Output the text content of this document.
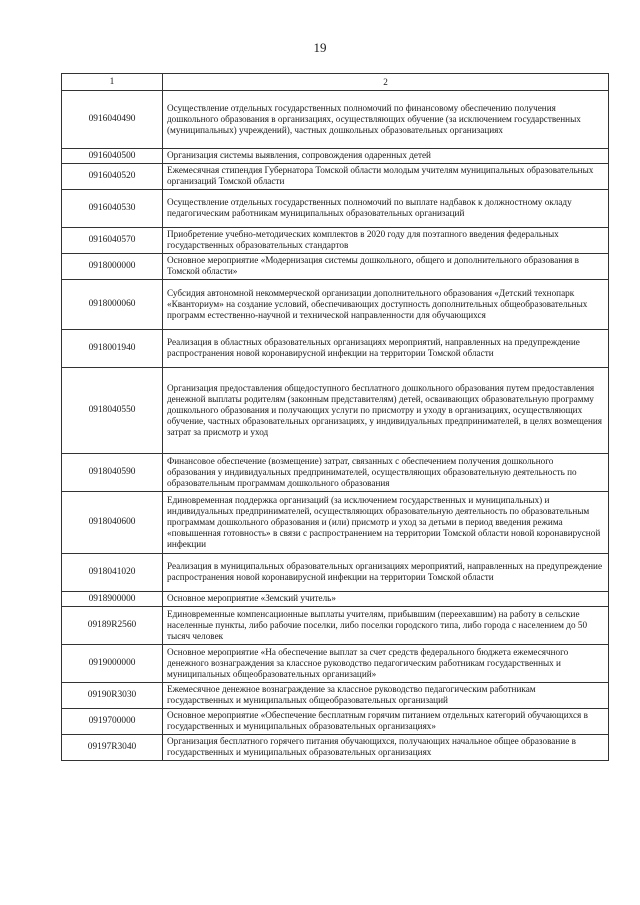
19
1	2
0916040490	Осуществление отдельных государственных полномочий по финансовому обеспечению получения дошкольного образования в организациях, осуществляющих обучение (за исключением государственных (муниципальных) учреждений), частных дошкольных образовательных организациях
0916040500	Организация системы выявления, сопровождения одаренных детей
0916040520	Ежемесячная стипендия Губернатора Томской области молодым учителям муниципальных образовательных организаций Томской области
0916040530	Осуществление отдельных государственных полномочий по выплате надбавок к должностному окладу педагогическим работникам муниципальных образовательных организаций
0916040570	Приобретение учебно-методических комплектов в 2020 году для поэтапного введения федеральных государственных образовательных стандартов
0918000000	Основное мероприятие «Модернизация системы дошкольного, общего и дополнительного образования в Томской области»
0918000060	Субсидия автономной некоммерческой организации дополнительного образования «Детский технопарк «Кванториум» на создание условий, обеспечивающих доступность дополнительных общеобразовательных программ естественно-научной и технической направленности для обучающихся
0918001940	Реализация в областных образовательных организациях мероприятий, направленных на предупреждение распространения новой коронавирусной инфекции на территории Томской области
0918040550	Организация предоставления общедоступного бесплатного дошкольного образования путем предоставления денежной выплаты родителям (законным представителям) детей, осваивающих образовательную программу дошкольного образования и получающих услуги по присмотру и уходу в организациях, осуществляющих обучение, частных образовательных организациях, у индивидуальных предпринимателей, в целях возмещения затрат за присмотр и уход
0918040590	Финансовое обеспечение (возмещение) затрат, связанных с обеспечением получения дошкольного образования у индивидуальных предпринимателей, осуществляющих образовательную деятельность по образовательным программам дошкольного образования
0918040600	Единовременная поддержка организаций (за исключением государственных и муниципальных) и индивидуальных предпринимателей, осуществляющих образовательную деятельность по образовательным программам дошкольного образования и (или) присмотр и уход за детьми в период введения режима «повышенная готовность» в связи с распространением на территории Томской области новой коронавирусной инфекции
0918041020	Реализация в муниципальных образовательных организациях мероприятий, направленных на предупреждение распространения новой коронавирусной инфекции на территории Томской области
0918900000	Основное мероприятие «Земский учитель»
09189R2560	Единовременные компенсационные выплаты учителям, прибывшим (переехавшим) на работу в сельские населенные пункты, либо рабочие поселки, либо поселки городского типа, либо города с населением до 50 тысяч человек
0919000000	Основное мероприятие «На обеспечение выплат за счет средств федерального бюджета ежемесячного денежного вознаграждения за классное руководство педагогическим работникам государственных и муниципальных общеобразовательных организаций»
09190R3030	Ежемесячное денежное вознаграждение за классное руководство педагогическим работникам государственных и муниципальных общеобразовательных организаций
0919700000	Основное мероприятие «Обеспечение бесплатным горячим питанием отдельных категорий обучающихся в государственных и муниципальных образовательных организациях»
09197R3040	Организация бесплатного горячего питания обучающихся, получающих начальное общее образование в государственных и муниципальных образовательных организациях
